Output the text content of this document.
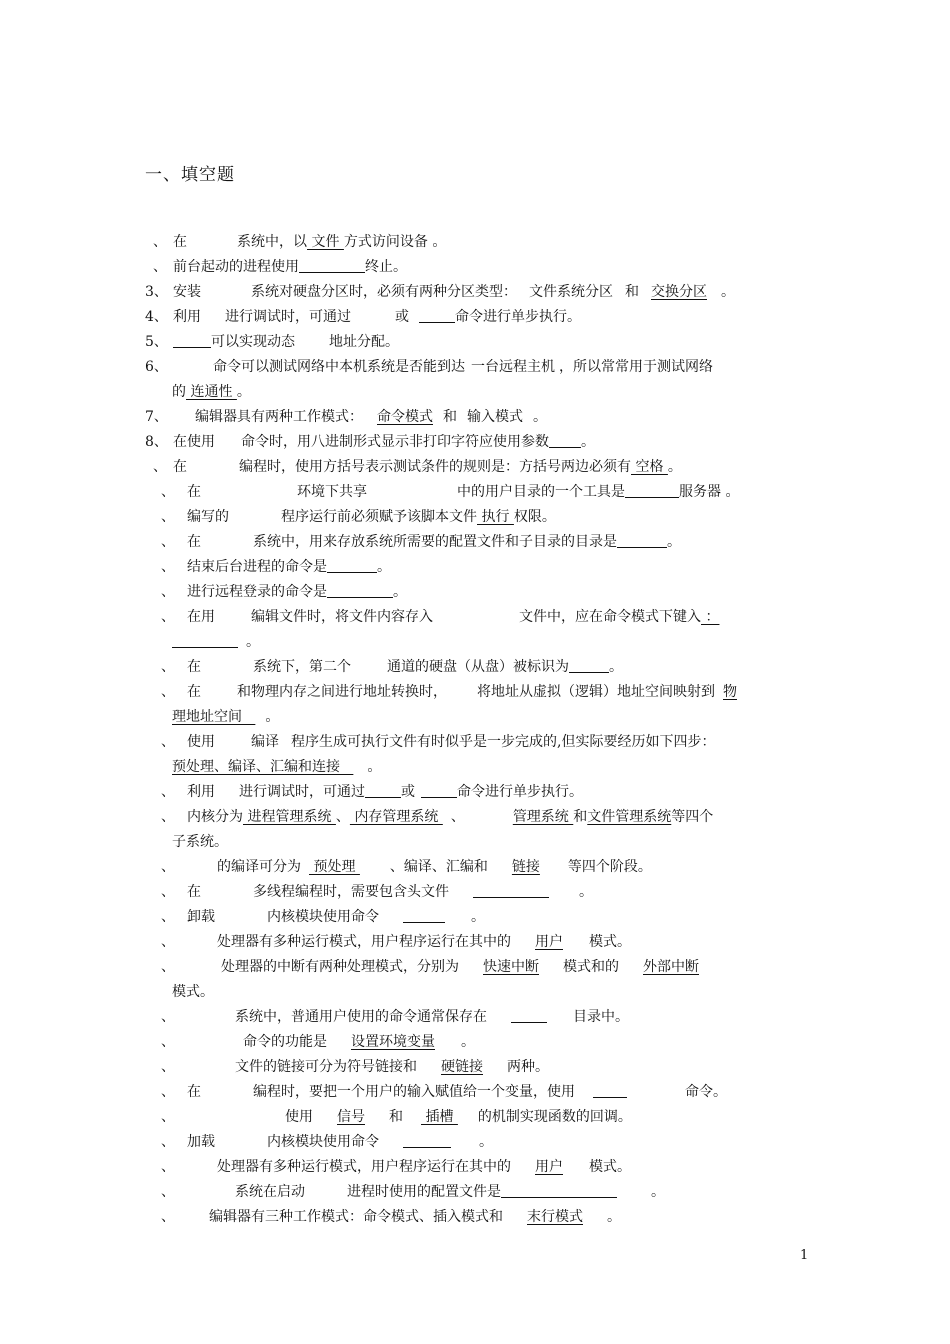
一、填空题
、 在	系统中，以 文件 方式访问设备 。
、 前台起动的进程使用	终止。
3、 安装	系统对硬盘分区时，必须有两种分区类型： 文件系统分区 和 交换分区 。
4、 利用 进行调试时，可通过	或	命令进行单步执行。
5、	可以实现动态 地址分配。
6、	命令可以测试网络中本机系统是否能到达 一台远程主机 ，所以常常用于测试网络
的 连通性 。
7、 编辑器具有两种工作模式： 命令模式 和 输入模式 。
8、 在使用 命令时，用八进制形式显示非打印字符应使用参数 。
、 在	编程时，使用方括号表示测试条件的规则是：方括号两边必须有 空格 。
、 在	环境下共享	中的用户目录的一个工具是	服务器 。
、 编写的	程序运行前必须赋予该脚本文件 执行 权限。
、 在	系统中，用来存放系统所需要的配置文件和子目录的目录是	。
、 结束后台进程的命令是	。
、 进行远程登录的命令是	。
、 在用	编辑文件时，将文件内容存入	文件中，应在命令模式下键入 ：
。
、 在	系统下，第二个	通道的硬盘（从盘）被标识为	。
、 在	和物理内存之间进行地址转换时， 将地址从虚拟（逻辑）地址空间映射到 物
理地址空间 。
、 使用	编译 程序生成可执行文件有时似乎是一步完成的,但实际要经历如下四步：
预处理、编译、汇编和连接 。
、 利用 进行调试时，可通过	或	命令进行单步执行。
、 内核分为 进程管理系统 、 内存管理系统 、	管理系统 和文件管理系统等四个
子系统。
、	的编译可分为 预处理 、编译、汇编和 链接 等四个阶段。
、 在	多线程编程时，需要包含头文件	。
、 卸载	内核模块使用命令	。
、	处理器有多种运行模式，用户程序运行在其中的 用户 模式。
、	处理器的中断有两种处理模式，分别为 快速中断 模式和的 外部中断
模式。
、	系统中，普通用户使用的命令通常保存在	目录中。
、	命令的功能是 设置环境变量 。
、	文件的链接可分为符号链接和 硬链接 两种。
、 在	编程时，要把一个用户的输入赋值给一个变量，使用	命令。
、	使用 信号 和 插槽 的机制实现函数的回调。
、 加载	内核模块使用命令	。
、	处理器有多种运行模式，用户程序运行在其中的 用户 模式。
、	系统在启动	进程时使用的配置文件是	。
、 编辑器有三种工作模式：命令模式、插入模式和 末行模式 。
1
